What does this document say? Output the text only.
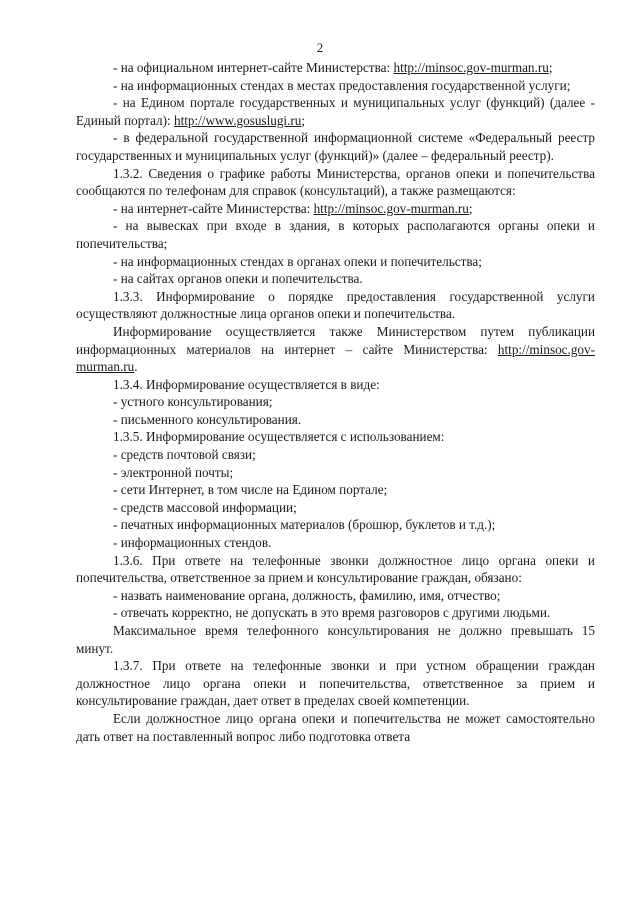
2

- на официальном интернет-сайте Министерства: http://minsoc.gov-murman.ru;

- на информационных стендах в местах предоставления государственной услуги;

- на Едином портале государственных и муниципальных услуг (функций) (далее - Единый портал): http://www.gosuslugi.ru;

- в федеральной государственной информационной системе «Федеральный реестр государственных и муниципальных услуг (функций)» (далее – федеральный реестр).

1.3.2. Сведения о графике работы Министерства, органов опеки и попечительства сообщаются по телефонам для справок (консультаций), а также размещаются:

- на интернет-сайте Министерства: http://minsoc.gov-murman.ru;

- на вывесках при входе в здания, в которых располагаются органы опеки и попечительства;

- на информационных стендах в органах опеки и попечительства;

- на сайтах органов опеки и попечительства.

1.3.3. Информирование о порядке предоставления государственной услуги осуществляют должностные лица органов опеки и попечительства.

Информирование осуществляется также Министерством путем публикации информационных материалов на интернет – сайте Министерства: http://minsoc.gov-murman.ru.

1.3.4. Информирование осуществляется в виде:

- устного консультирования;

- письменного консультирования.

1.3.5. Информирование осуществляется с использованием:

- средств почтовой связи;

- электронной почты;

- сети Интернет, в том числе на Едином портале;

- средств массовой информации;

- печатных информационных материалов (брошюр, буклетов и т.д.);

- информационных стендов.

1.3.6. При ответе на телефонные звонки должностное лицо органа опеки и попечительства, ответственное за прием и консультирование граждан, обязано:

- назвать наименование органа, должность, фамилию, имя, отчество;

- отвечать корректно, не допускать в это время разговоров с другими людьми.

Максимальное время телефонного консультирования не должно превышать 15 минут.

1.3.7. При ответе на телефонные звонки и при устном обращении граждан должностное лицо органа опеки и попечительства, ответственное за прием и консультирование граждан, дает ответ в пределах своей компетенции.

Если должностное лицо органа опеки и попечительства не может самостоятельно дать ответ на поставленный вопрос либо подготовка ответа
